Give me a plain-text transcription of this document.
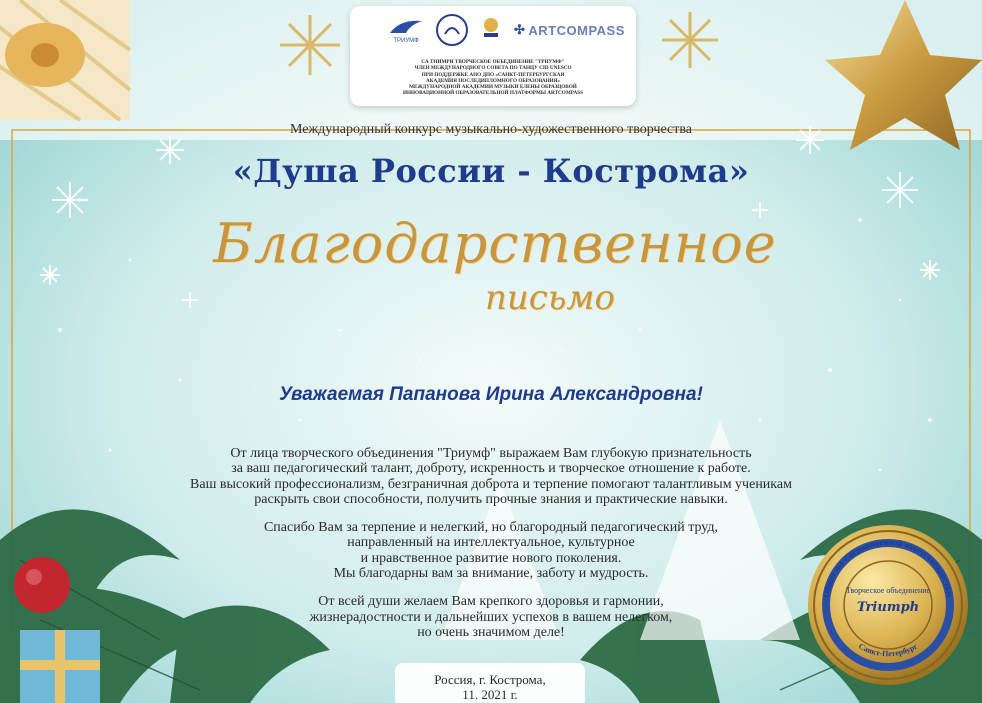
ТРИУМФ
✣ ARTCOMPASS
СА ТНИМРИ ТВОРЧЕСКОЕ ОБЪЕДИНЕНИЕ "ТРИУМФ"
ЧЛЕН МЕЖДУНАРОДНОГО СОВЕТА ПО ТАНЦУ CID UNESCO
ПРИ ПОДДЕРЖКЕ АНО ДПО «САНКТ-ПЕТЕРБУРГСКАЯ
АКАДЕМИЯ ПОСЛЕДИПЛОМНОГО ОБРАЗОВАНИЯ»
МЕЖДУНАРОДНОЙ АКАДЕМИИ МУЗЫКИ ЕЛЕНЫ ОБРАЗЦОВОЙ
ИННОВАЦИОННОЙ ОБРАЗОВАТЕЛЬНОЙ ПЛАТФОРМЫ ARTCOMPASS
Международный конкурс музыкально-художественного творчества
«Душа России - Кострома»
Благодарственное
письмо
Уважаемая Папанова Ирина Александровна!

От лица творческого объединения "Триумф" выражаем Вам глубокую признательность

за ваш педагогический талант, доброту, искренность и творческое отношение к работе.

Ваш высокий профессионализм, безграничная доброта и терпение помогают талантливым ученикам

раскрыть свои способности, получить прочные знания и практические навыки.

Спасибо Вам за терпение и нелегкий, но благородный педагогический труд,

направленный на интеллектуальное, культурное

и нравственное развитие нового поколения.

Мы благодарны вам за внимание, заботу и мудрость.

От всей души желаем Вам крепкого здоровья и гармонии,

жизнерадостности и дальнейших успехов в вашем нелегком,

но очень значимом деле!

Россия, г. Кострома,
11. 2021 г.
Общество с ограниченной ответственностью
Творческое объединение
Triumph
Санкт-Петербург
